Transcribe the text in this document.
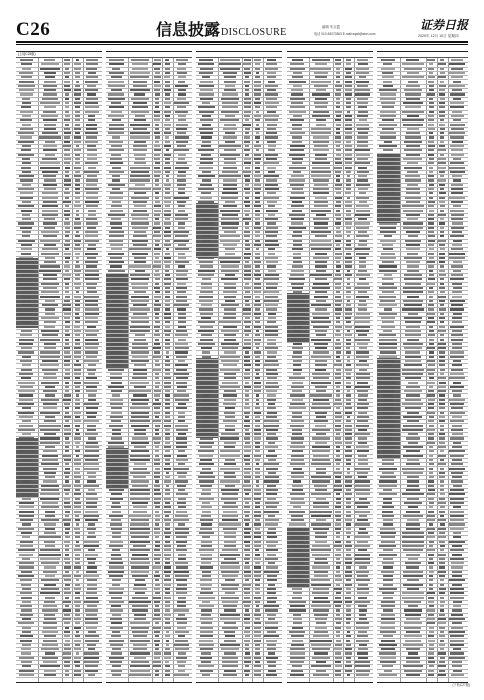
C26	信息披露DISCLOSURE	编辑 朱玉霞
电话 010-63070363 E-mail:zqsb@stcn.com
证券日报
2020年 12月 10日 星期四
(上接C25版)
(下转C27版)
